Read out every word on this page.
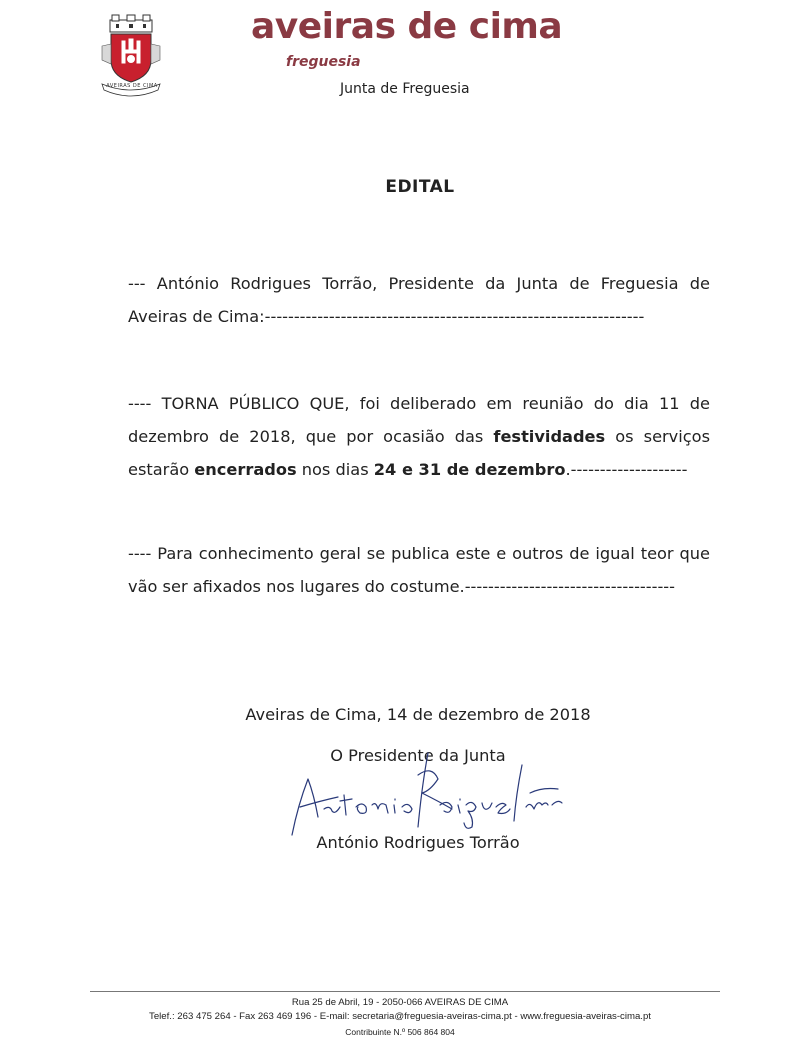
AVEIRAS DE CIMA
aveiras de cima
freguesia
Junta de Freguesia
EDITAL

--- António Rodrigues Torrão, Presidente da Junta de Freguesia de Aveiras de Cima:-----------------------------------------------------------------

---- TORNA PÚBLICO QUE, foi deliberado em reunião do dia 11 de dezembro de 2018, que por ocasião das festividades os serviços estarão encerrados nos dias 24 e 31 de dezembro.--------------------

---- Para conhecimento geral se publica este e outros de igual teor que vão ser afixados nos lugares do costume.------------------------------------

Aveiras de Cima, 14 de dezembro de 2018
O Presidente da Junta
António Rodrigues Torrão
Rua 25 de Abril, 19 - 2050-066 AVEIRAS DE CIMA
Telef.: 263 475 264 - Fax 263 469 196 - E-mail: secretaria@freguesia-aveiras-cima.pt - www.freguesia-aveiras-cima.pt
Contribuinte N.º 506 864 804
